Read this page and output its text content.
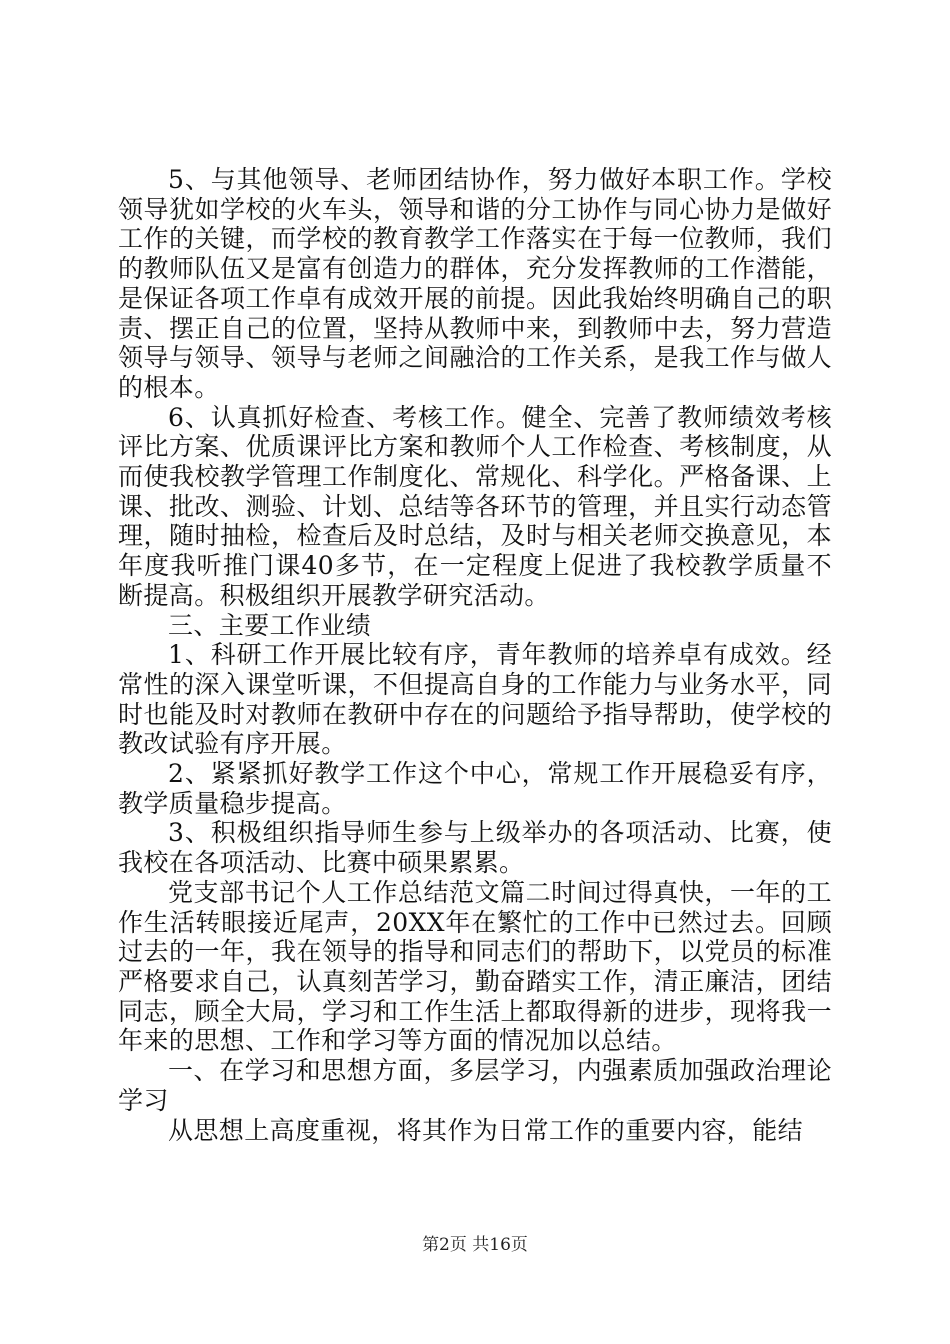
5、与其他领导、老师团结协作，努力做好本职工作。学校领导犹如学校的火车头，领导和谐的分工协作与同心协力是做好工作的关键，而学校的教育教学工作落实在于每一位教师，我们的教师队伍又是富有创造力的群体，充分发挥教师的工作潜能，是保证各项工作卓有成效开展的前提。因此我始终明确自己的职责、摆正自己的位置，坚持从教师中来，到教师中去，努力营造领导与领导、领导与老师之间融洽的工作关系，是我工作与做人的根本。

6、认真抓好检查、考核工作。健全、完善了教师绩效考核评比方案、优质课评比方案和教师个人工作检查、考核制度，从而使我校教学管理工作制度化、常规化、科学化。严格备课、上课、批改、测验、计划、总结等各环节的管理，并且实行动态管理，随时抽检，检查后及时总结，及时与相关老师交换意见，本年度我听推门课40多节，在一定程度上促进了我校教学质量不断提高。积极组织开展教学研究活动。

三、主要工作业绩

1、科研工作开展比较有序，青年教师的培养卓有成效。经常性的深入课堂听课，不但提高自身的工作能力与业务水平，同时也能及时对教师在教研中存在的问题给予指导帮助，使学校的教改试验有序开展。

2、紧紧抓好教学工作这个中心，常规工作开展稳妥有序，教学质量稳步提高。

3、积极组织指导师生参与上级举办的各项活动、比赛，使我校在各项活动、比赛中硕果累累。

党支部书记个人工作总结范文篇二时间过得真快，一年的工作生活转眼接近尾声，20XX年在繁忙的工作中已然过去。回顾过去的一年，我在领导的指导和同志们的帮助下，以党员的标准严格要求自己，认真刻苦学习，勤奋踏实工作，清正廉洁，团结同志，顾全大局，学习和工作生活上都取得新的进步，现将我一年来的思想、工作和学习等方面的情况加以总结。

一、在学习和思想方面，多层学习，内强素质加强政治理论学习

从思想上高度重视，将其作为日常工作的重要内容，能结

第2页 共16页
